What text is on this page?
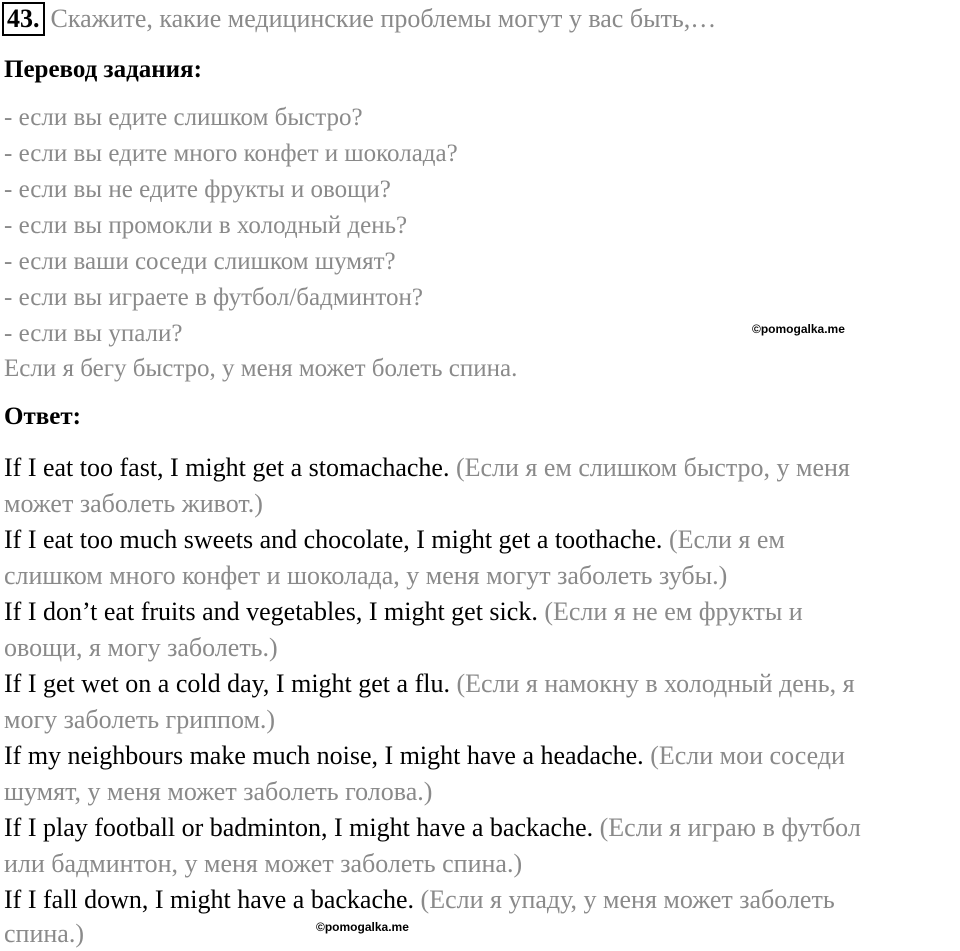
43. Скажите, какие медицинские проблемы могут у вас быть,…
Перевод задания:
- если вы едите слишком быстро?
- если вы едите много конфет и шоколада?
- если вы не едите фрукты и овощи?
- если вы промокли в холодный день?
- если ваши соседи слишком шумят?
- если вы играете в футбол/бадминтон?
- если вы упали?	©pomogalka.me
Если я бегу быстро, у меня может болеть спина.
Ответ:
If I eat too fast, I might get a stomachache. (Если я ем слишком быстро, у меня
может заболеть живот.)
If I eat too much sweets and chocolate, I might get a toothache. (Если я ем
слишком много конфет и шоколада, у меня могут заболеть зубы.)
If I don’t eat fruits and vegetables, I might get sick. (Если я не ем фрукты и
овощи, я могу заболеть.)
If I get wet on a cold day, I might get a flu. (Если я намокну в холодный день, я
могу заболеть гриппом.)
If my neighbours make much noise, I might have a headache. (Если мои соседи
шумят, у меня может заболеть голова.)
If I play football or badminton, I might have a backache. (Если я играю в футбол
или бадминтон, у меня может заболеть спина.)
If I fall down, I might have a backache. (Если я упаду, у меня может заболеть
спина.)	©pomogalka.me
